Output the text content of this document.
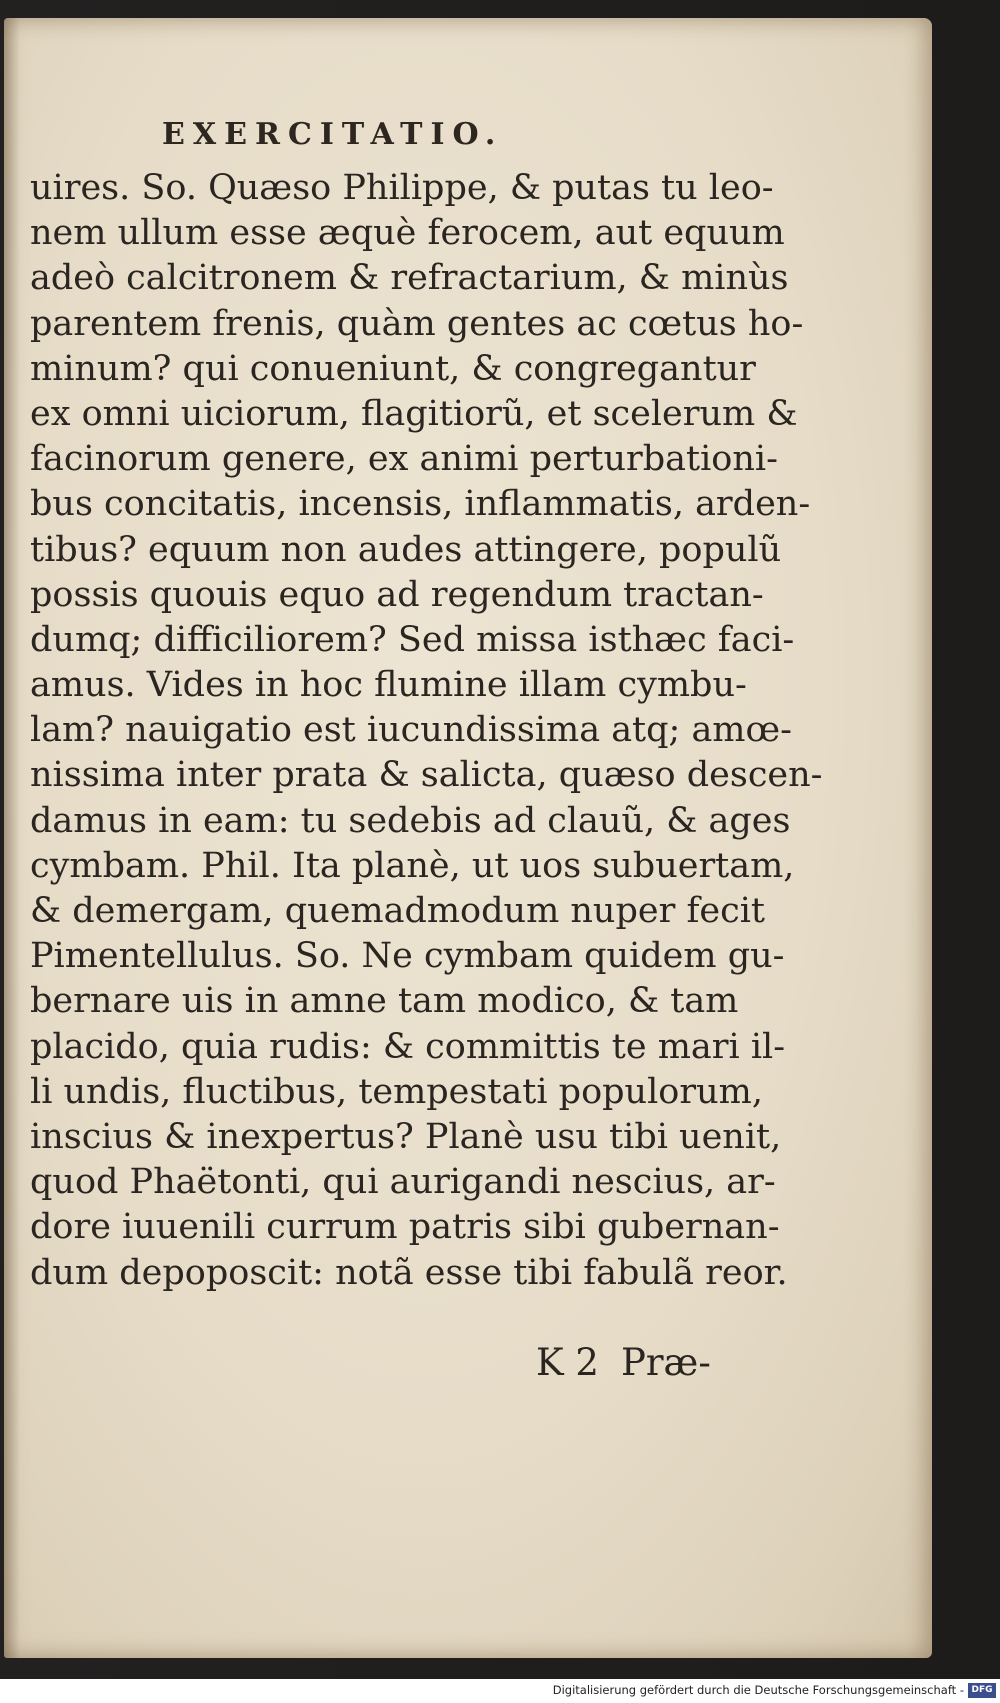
EXERCITATIO.
uires. So. Quæso Philippe, & putas tu leo-
nem ullum esse æquè ferocem, aut equum
adeò calcitronem & refractarium, & minùs
parentem frenis, quàm gentes ac cœtus ho-
minum? qui conueniunt, & congregantur
ex omni uiciorum, flagitiorũ, et scelerum &
facinorum genere, ex animi perturbationi-
bus concitatis, incensis, inflammatis, arden-
tibus? equum non audes attingere, populũ
possis quouis equo ad regendum tractan-
dumq; difficiliorem? Sed missa isthæc faci-
amus. Vides in hoc flumine illam cymbu-
lam? nauigatio est iucundissima atq; amœ-
nissima inter prata & salicta, quæso descen-
damus in eam: tu sedebis ad clauũ, & ages
cymbam. Phil. Ita planè, ut uos subuertam,
& demergam, quemadmodum nuper fecit
Pimentellulus. So. Ne cymbam quidem gu-
bernare uis in amne tam modico, & tam
placido, quia rudis: & committis te mari il-
li undis, fluctibus, tempestati populorum,
inscius & inexpertus? Planè usu tibi uenit,
quod Phaëtonti, qui aurigandi nescius, ar-
dore iuuenili currum patris sibi gubernan-
dum depoposcit: notã esse tibi fabulã reor.
K 2 Præ-
Digitalisierung gefördert durch die Deutsche Forschungsgemeinschaft - DFG
